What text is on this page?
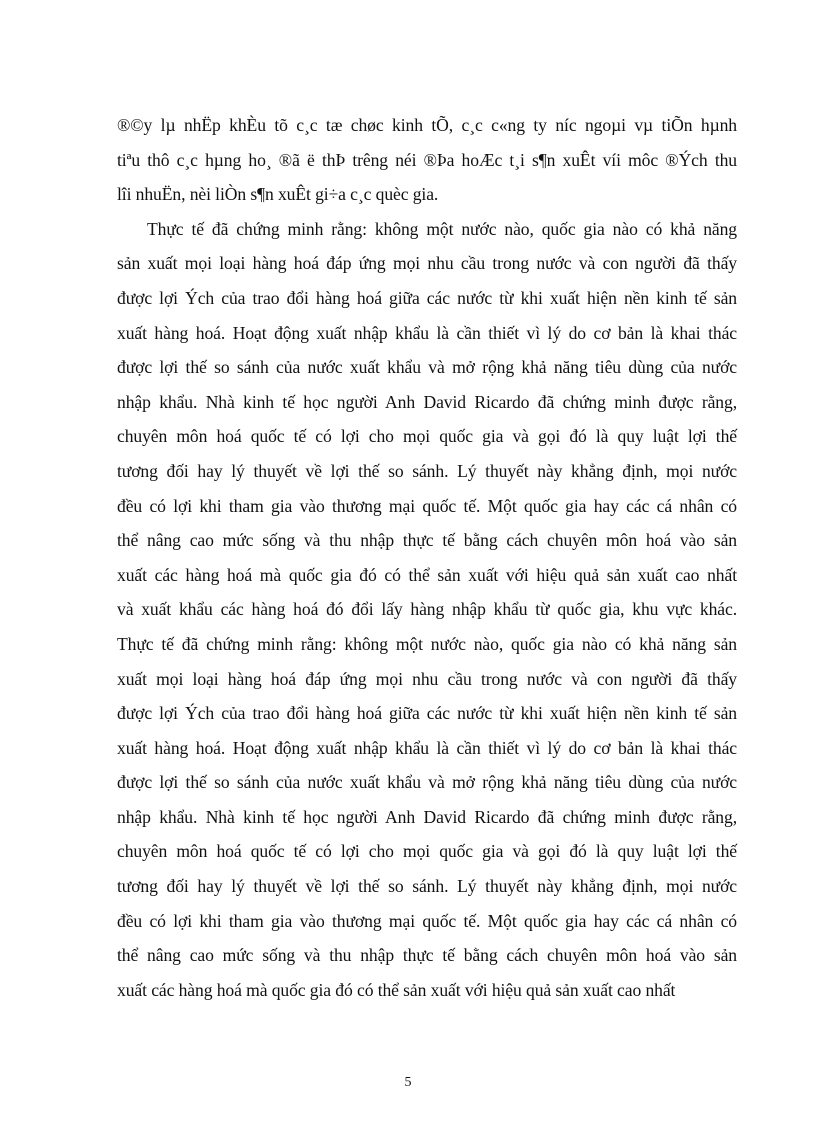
®©y lµ nhËp khÈu tõ c¸c tæ chøc kinh tÕ, c¸c c«ng ty níc ngoµi vµ tiÕn hµnh
tiªu thô c¸c hµng ho¸ ®ã ë thÞ trêng néi ®Þa hoÆc t¸i s¶n xuÊt víi môc ®Ých thu
lîi nhuËn, nèi liÒn s¶n xuÊt gi÷a c¸c quèc gia.
Thực tế đã chứng minh rằng: không một nước nào, quốc gia nào có khả năng
sản xuất mọi loại hàng hoá đáp ứng mọi nhu cầu trong nước và con người đã thấy
được lợi Ých của trao đổi hàng hoá giữa các nước từ khi xuất hiện nền kinh tế sản
xuất hàng hoá. Hoạt động xuất nhập khẩu là cần thiết vì lý do cơ bản là khai thác
được lợi thế so sánh của nước xuất khẩu và mở rộng khả năng tiêu dùng của nước
nhập khẩu. Nhà kinh tế học người Anh David Ricardo đã chứng minh được rằng,
chuyên môn hoá quốc tế có lợi cho mọi quốc gia và gọi đó là quy luật lợi thế
tương đối hay lý thuyết về lợi thế so sánh. Lý thuyết này khẳng định, mọi nước
đều có lợi khi tham gia vào thương mại quốc tế. Một quốc gia hay các cá nhân có
thể nâng cao mức sống và thu nhập thực tế bằng cách chuyên môn hoá vào sản
xuất các hàng hoá mà quốc gia đó có thể sản xuất với hiệu quả sản xuất cao nhất
và xuất khẩu các hàng hoá đó đổi lấy hàng nhập khẩu từ quốc gia, khu vực khác.
Thực tế đã chứng minh rằng: không một nước nào, quốc gia nào có khả năng sản
xuất mọi loại hàng hoá đáp ứng mọi nhu cầu trong nước và con người đã thấy
được lợi Ých của trao đổi hàng hoá giữa các nước từ khi xuất hiện nền kinh tế sản
xuất hàng hoá. Hoạt động xuất nhập khẩu là cần thiết vì lý do cơ bản là khai thác
được lợi thế so sánh của nước xuất khẩu và mở rộng khả năng tiêu dùng của nước
nhập khẩu. Nhà kinh tế học người Anh David Ricardo đã chứng minh được rằng,
chuyên môn hoá quốc tế có lợi cho mọi quốc gia và gọi đó là quy luật lợi thế
tương đối hay lý thuyết về lợi thế so sánh. Lý thuyết này khẳng định, mọi nước
đều có lợi khi tham gia vào thương mại quốc tế. Một quốc gia hay các cá nhân có
thể nâng cao mức sống và thu nhập thực tế bằng cách chuyên môn hoá vào sản
xuất các hàng hoá mà quốc gia đó có thể sản xuất với hiệu quả sản xuất cao nhất
5
